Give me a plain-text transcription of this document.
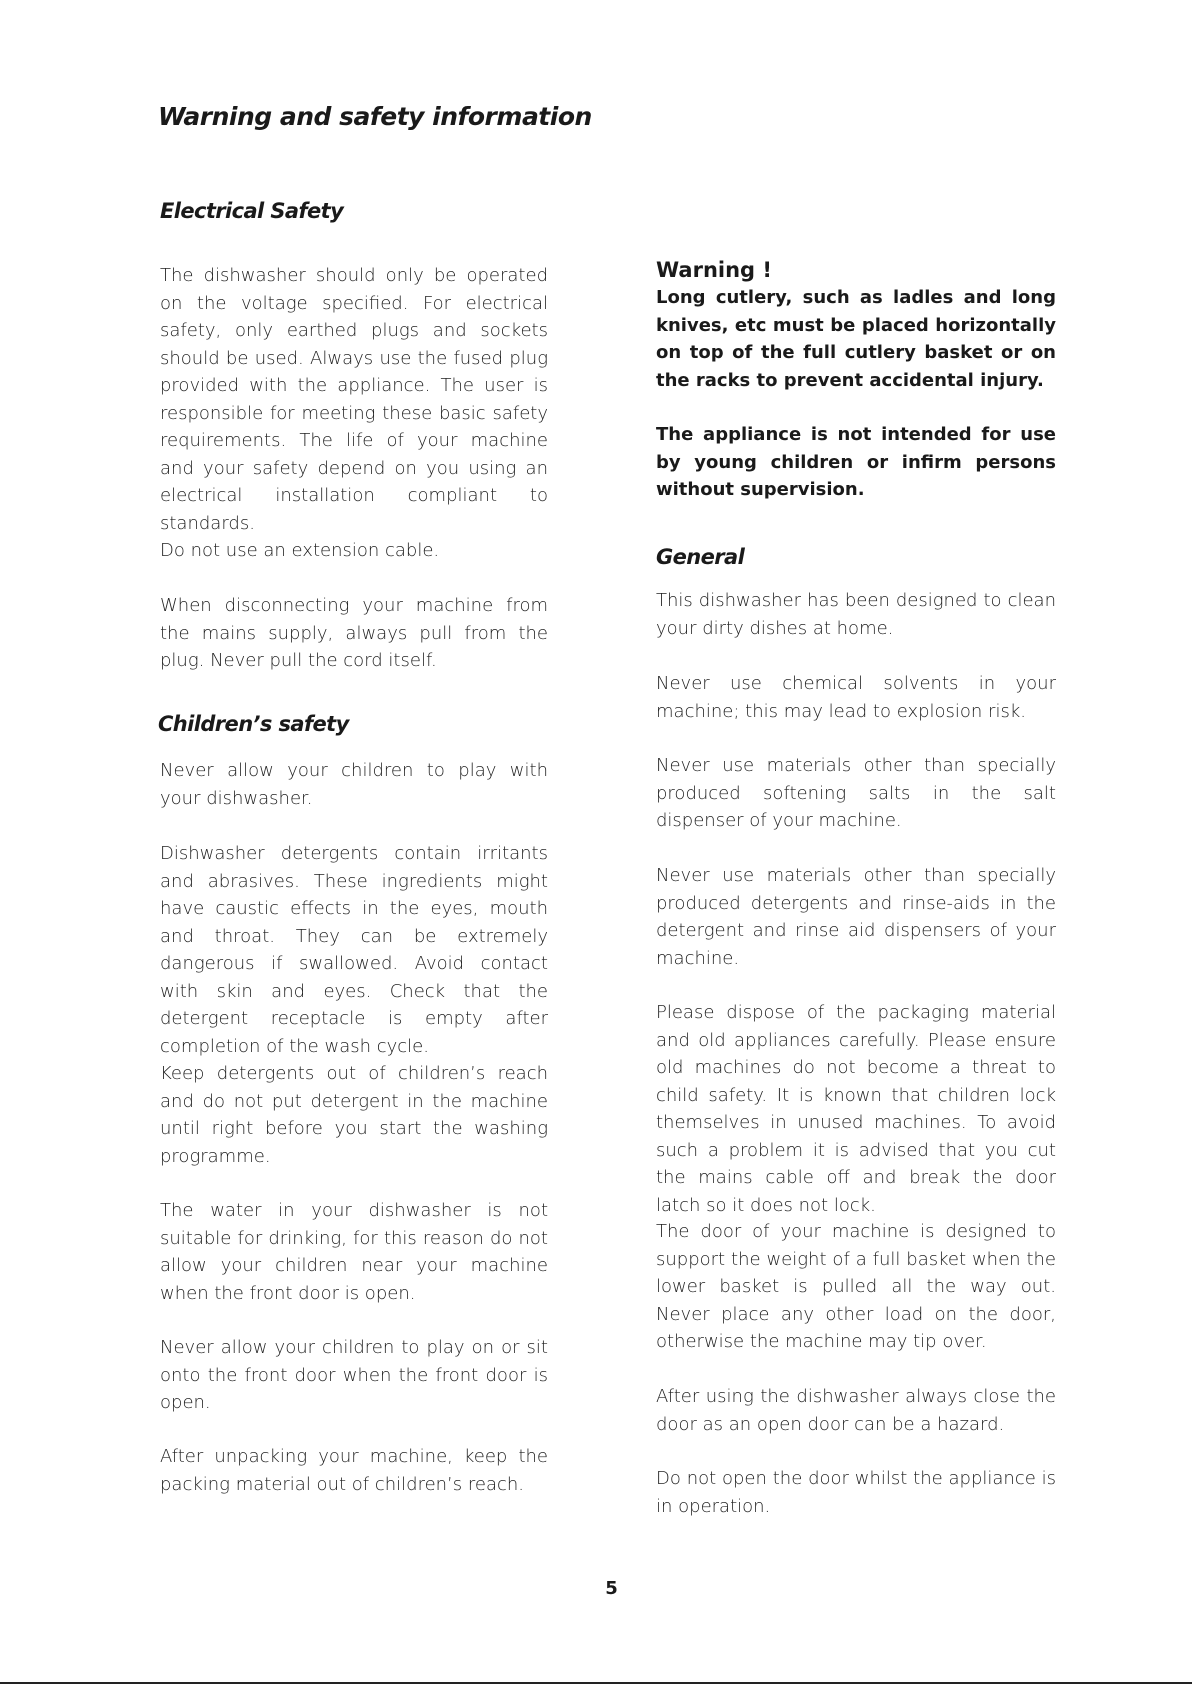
Warning and safety information
Electrical Safety

The dishwasher should only be operated on the voltage specified. For electrical safety, only earthed plugs and sockets should be used. Always use the fused plug provided with the appliance. The user is responsible for meeting these basic safety requirements. The life of your machine and your safety depend on you using an electrical installation compliant to standards.

Do not use an extension cable.

When disconnecting your machine from the mains supply, always pull from the plug. Never pull the cord itself.

Children’s safety

Never allow your children to play with your dishwasher.

Dishwasher detergents contain irritants and abrasives. These ingredients might have caustic effects in the eyes, mouth and throat. They can be extremely dangerous if swallowed. Avoid contact with skin and eyes. Check that the detergent receptacle is empty after completion of the wash cycle.

Keep detergents out of children’s reach and do not put detergent in the machine until right before you start the washing programme.

The water in your dishwasher is not suitable for drinking, for this reason do not allow your children near your machine when the front door is open.

Never allow your children to play on or sit onto the front door when the front door is open.

After unpacking your machine, keep the packing material out of children’s reach.

Warning !

Long cutlery, such as ladles and long knives, etc must be placed horizontally on top of the full cutlery basket or on the racks to prevent accidental injury.

The appliance is not intended for use by young children or infirm persons without supervision.

General

This dishwasher has been designed to clean your dirty dishes at home.

Never use chemical solvents in your machine; this may lead to explosion risk.

Never use materials other than specially produced softening salts in the salt dispenser of your machine.

Never use materials other than specially produced detergents and rinse-aids in the detergent and rinse aid dispensers of your machine.

Please dispose of the packaging material and old appliances carefully. Please ensure old machines do not become a threat to child safety. It is known that children lock themselves in unused machines. To avoid such a problem it is advised that you cut the mains cable off and break the door latch so it does not lock.

The door of your machine is designed to support the weight of a full basket when the lower basket is pulled all the way out. Never place any other load on the door, otherwise the machine may tip over.

After using the dishwasher always close the door as an open door can be a hazard.

Do not open the door whilst the appliance is in operation.

5
